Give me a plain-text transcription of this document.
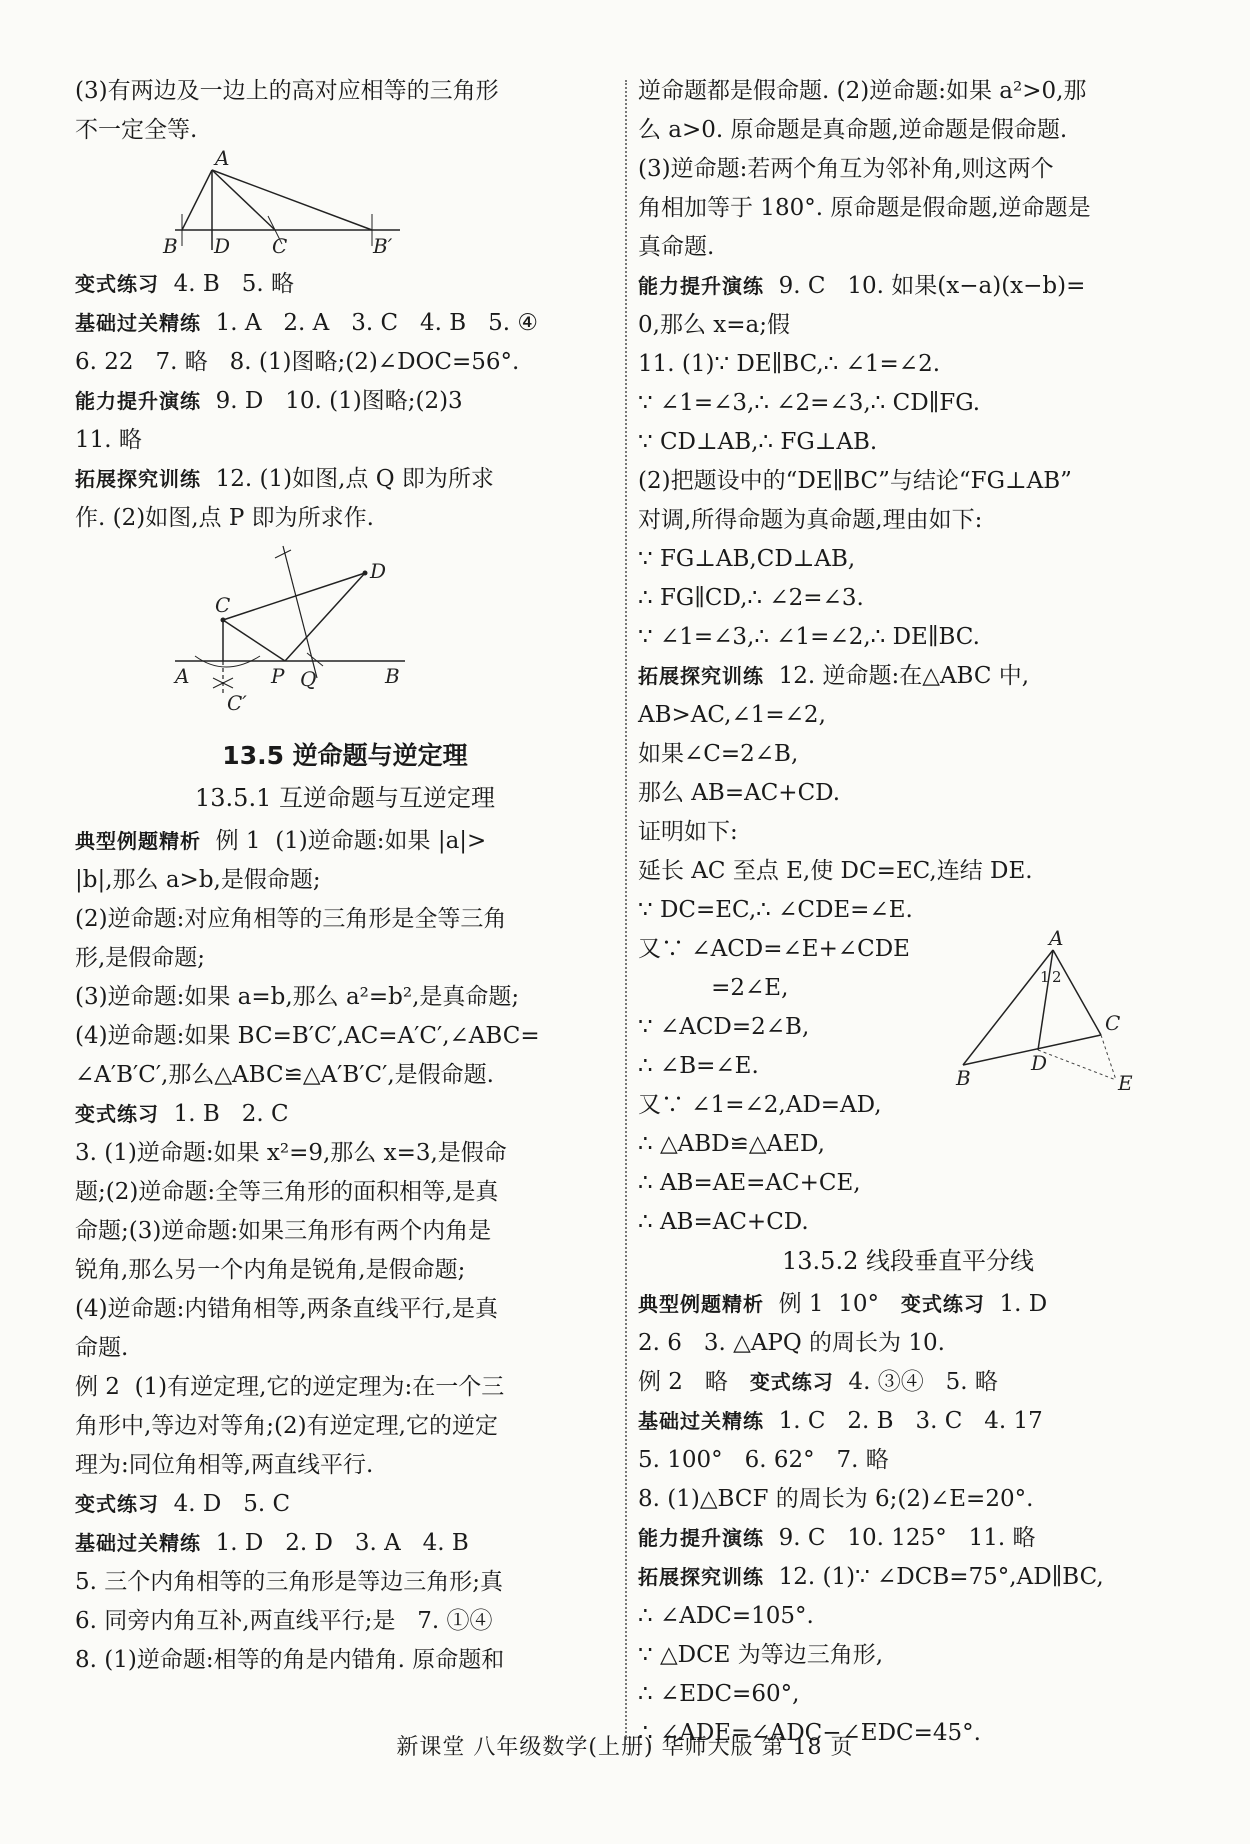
(3)有两边及一边上的高对应相等的三角形

不一定全等.

A
B D C	B′

变式练习  4. B   5. 略

基础过关精练  1. A   2. A   3. C   4. B   5. ④

6. 22   7. 略   8. (1)图略;(2)∠DOC=56°.

能力提升演练  9. D   10. (1)图略;(2)3

11. 略

拓展探究训练  12. (1)如图,点 Q 即为所求

作. (2)如图,点 P 即为所求作.

C
D
A	P Q	B
C′

13.5 逆命题与逆定理

13.5.1 互逆命题与互逆定理

典型例题精析  例 1  (1)逆命题:如果 |a|>

|b|,那么 a>b,是假命题;

(2)逆命题:对应角相等的三角形是全等三角

形,是假命题;

(3)逆命题:如果 a=b,那么 a²=b²,是真命题;

(4)逆命题:如果 BC=B′C′,AC=A′C′,∠ABC=

∠A′B′C′,那么△ABC≌△A′B′C′,是假命题.

变式练习  1. B   2. C

3. (1)逆命题:如果 x²=9,那么 x=3,是假命

题;(2)逆命题:全等三角形的面积相等,是真

命题;(3)逆命题:如果三角形有两个内角是

锐角,那么另一个内角是锐角,是假命题;

(4)逆命题:内错角相等,两条直线平行,是真

命题.

例 2  (1)有逆定理,它的逆定理为:在一个三

角形中,等边对等角;(2)有逆定理,它的逆定

理为:同位角相等,两直线平行.

变式练习  4. D   5. C

基础过关精练  1. D   2. D   3. A   4. B

5. 三个内角相等的三角形是等边三角形;真

6. 同旁内角互补,两直线平行;是   7. ①④

8. (1)逆命题:相等的角是内错角. 原命题和

逆命题都是假命题. (2)逆命题:如果 a²>0,那

么 a>0. 原命题是真命题,逆命题是假命题.

(3)逆命题:若两个角互为邻补角,则这两个

角相加等于 180°. 原命题是假命题,逆命题是

真命题.

能力提升演练  9. C   10. 如果(x−a)(x−b)=

0,那么 x=a;假

11. (1)∵ DE∥BC,∴ ∠1=∠2.

∵ ∠1=∠3,∴ ∠2=∠3,∴ CD∥FG.

∵ CD⊥AB,∴ FG⊥AB.

(2)把题设中的“DE∥BC”与结论“FG⊥AB”

对调,所得命题为真命题,理由如下:

∵ FG⊥AB,CD⊥AB,

∴ FG∥CD,∴ ∠2=∠3.

∵ ∠1=∠3,∴ ∠1=∠2,∴ DE∥BC.

拓展探究训练  12. 逆命题:在△ABC 中,

AB>AC,∠1=∠2,

如果∠C=2∠B,

那么 AB=AC+CD.

证明如下:

延长 AC 至点 E,使 DC=EC,连结 DE.

∵ DC=EC,∴ ∠CDE=∠E.

A
1 2
C
D
B	E

又∵ ∠ACD=∠E+∠CDE

=2∠E,

∵ ∠ACD=2∠B,

∴ ∠B=∠E.

又∵ ∠1=∠2,AD=AD,

∴ △ABD≌△AED,

∴ AB=AE=AC+CE,

∴ AB=AC+CD.

13.5.2 线段垂直平分线

典型例题精析  例 1  10°   变式练习  1. D

2. 6   3. △APQ 的周长为 10.

例 2   略   变式练习  4. ③④   5. 略

基础过关精练  1. C   2. B   3. C   4. 17

5. 100°   6. 62°   7. 略

8. (1)△BCF 的周长为 6;(2)∠E=20°.

能力提升演练  9. C   10. 125°   11. 略

拓展探究训练  12. (1)∵ ∠DCB=75°,AD∥BC,

∴ ∠ADC=105°.

∵ △DCE 为等边三角形,

∴ ∠EDC=60°,

∴ ∠ADE=∠ADC−∠EDC=45°.

新课堂 八年级数学(上册) 华师大版 第 18 页
